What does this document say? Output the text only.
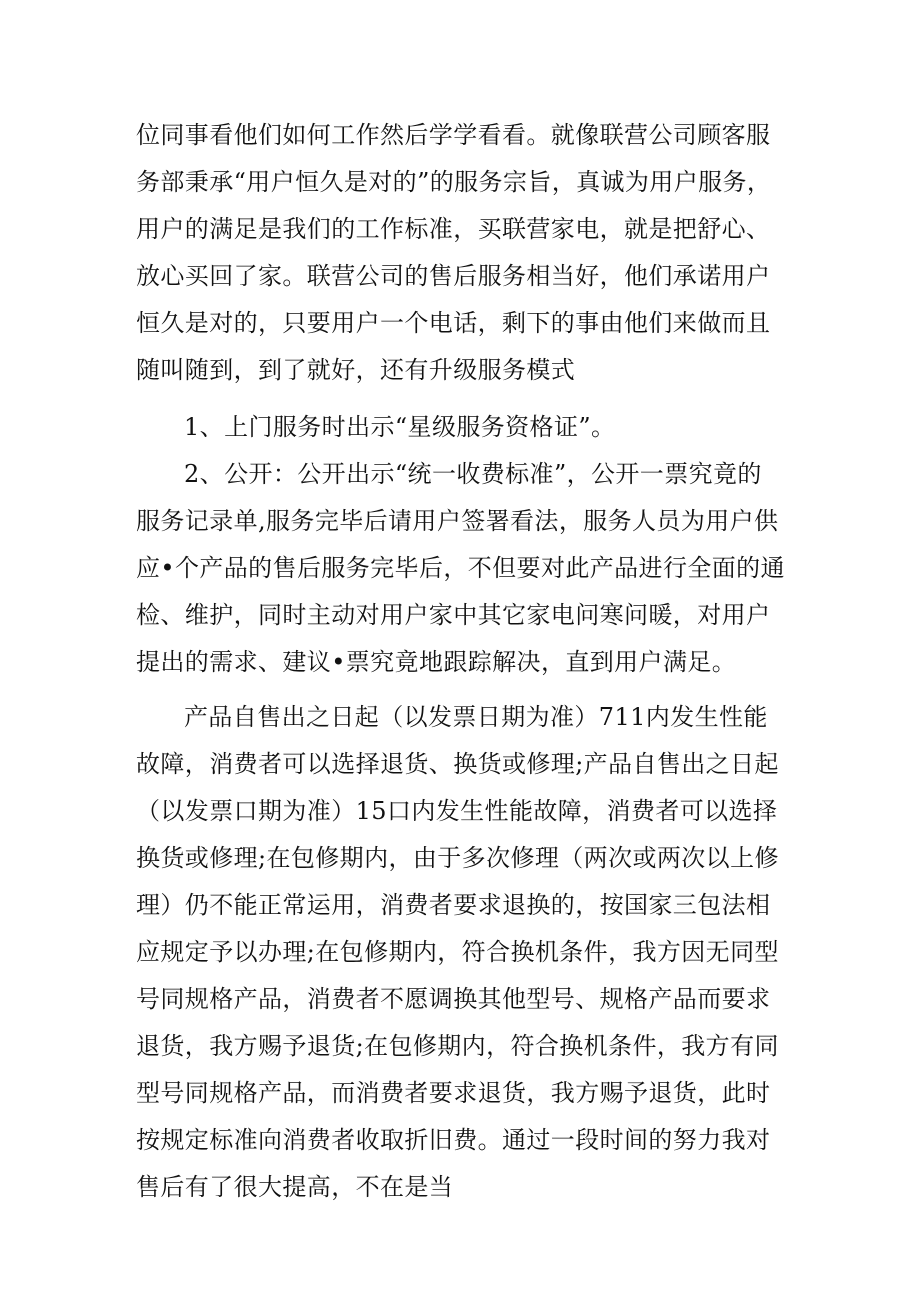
位同事看他们如何工作然后学学看看。就像联营公司顾客服务部秉承“用户恒久是对的”的服务宗旨，真诚为用户服务，用户的满足是我们的工作标准，买联营家电，就是把舒心、放心买回了家。联营公司的售后服务相当好，他们承诺用户恒久是对的，只要用户一个电话，剩下的事由他们来做而且随叫随到，到了就好，还有升级服务模式

1、上门服务时出示“星级服务资格证”。

2、公开：公开出示“统一收费标准”，公开一票究竟的服务记录单,服务完毕后请用户签署看法，服务人员为用户供应•个产品的售后服务完毕后，不但要对此产品进行全面的通检、维护，同时主动对用户家中其它家电问寒问暖，对用户提出的需求、建议•票究竟地跟踪解决，直到用户满足。

产品自售出之日起（以发票日期为准）711内发生性能故障，消费者可以选择退货、换货或修理;产品自售出之日起（以发票口期为准）15口内发生性能故障，消费者可以选择换货或修理;在包修期内，由于多次修理（两次或两次以上修理）仍不能正常运用，消费者要求退换的，按国家三包法相应规定予以办理;在包修期内，符合换机条件，我方因无同型号同规格产品，消费者不愿调换其他型号、规格产品而要求退货，我方赐予退货;在包修期内，符合换机条件，我方有同型号同规格产品，而消费者要求退货，我方赐予退货，此时按规定标准向消费者收取折旧费。通过一段时间的努力我对售后有了很大提高，不在是当
